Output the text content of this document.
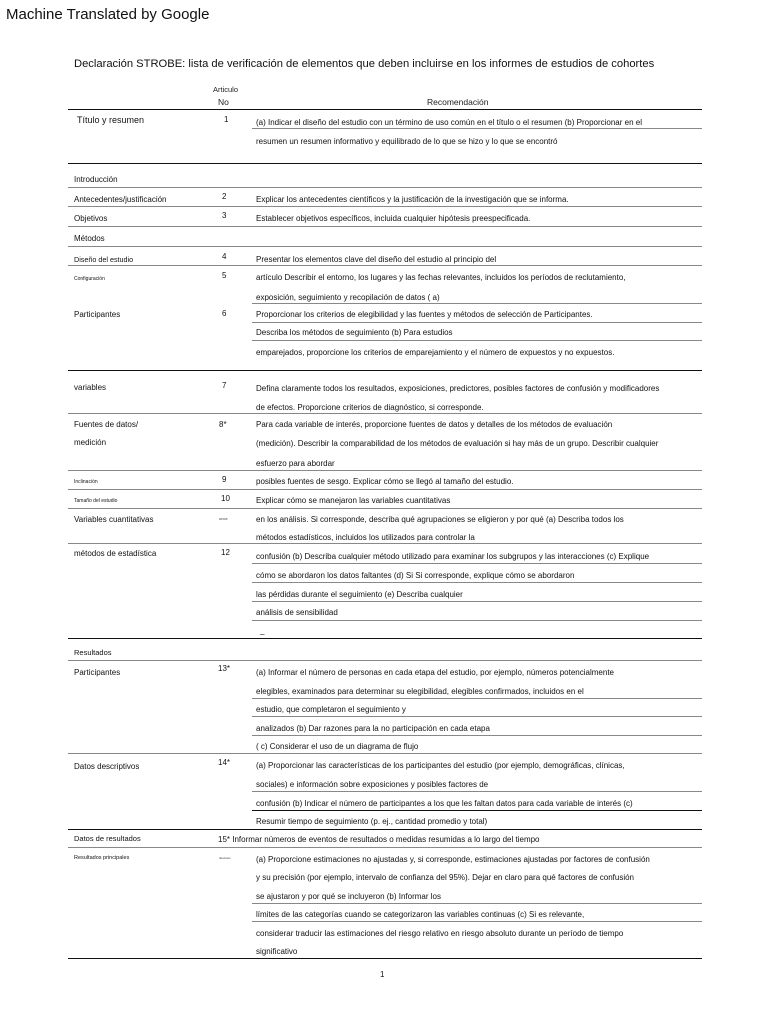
Machine Translated by Google
Declaración STROBE: lista de verificación de elementos que deben incluirse en los informes de estudios de cohortes
Articulo
No	Recomendación
Título y resumen	1	(a) Indicar el diseño del estudio con un término de uso común en el título o el resumen (b) Proporcionar en el
resumen un resumen informativo y equilibrado de lo que se hizo y lo que se encontró
Introducción
Antecedentes/justificación	2	Explicar los antecedentes científicos y la justificación de la investigación que se informa.
Objetivos	3	Establecer objetivos específicos, incluida cualquier hipótesis preespecificada.
Métodos
Diseño del estudio	4	Presentar los elementos clave del diseño del estudio al principio del
Configuración	5	artículo Describir el entorno, los lugares y las fechas relevantes, incluidos los períodos de reclutamiento,
exposición, seguimiento y recopilación de datos ( a)
Participantes	6	Proporcionar los criterios de elegibilidad y las fuentes y métodos de selección de Participantes.
Describa los métodos de seguimiento (b) Para estudios
emparejados, proporcione los criterios de emparejamiento y el número de expuestos y no expuestos.
variables	7	Defina claramente todos los resultados, exposiciones, predictores, posibles factores de confusión y modificadores
de efectos. Proporcione criterios de diagnóstico, si corresponde.
Fuentes de datos/
medición
8*	Para cada variable de interés, proporcione fuentes de datos y detalles de los métodos de evaluación
(medición). Describir la comparabilidad de los métodos de evaluación si hay más de un grupo. Describir cualquier
esfuerzo para abordar
Inclinación	9	posibles fuentes de sesgo. Explicar cómo se llegó al tamaño del estudio.
Tamaño del estudio	10	Explicar cómo se manejaron las variables cuantitativas
Variables cuantitativas	once	en los análisis. Si corresponde, describa qué agrupaciones se eligieron y por qué (a) Describa todos los
métodos estadísticos, incluidos los utilizados para controlar la
métodos de estadística	12	confusión (b) Describa cualquier método utilizado para examinar los subgrupos y las interacciones (c) Explique
cómo se abordaron los datos faltantes (d) Si Si corresponde, explique cómo se abordaron
las pérdidas durante el seguimiento (e) Describa cualquier
análisis de sensibilidad
_
Resultados
Participantes	13*	(a) Informar el número de personas en cada etapa del estudio, por ejemplo, números potencialmente
elegibles, examinados para determinar su elegibilidad, elegibles confirmados, incluidos en el
estudio, que completaron el seguimiento y
analizados (b) Dar razones para la no participación en cada etapa
( c) Considerar el uso de un diagrama de flujo
Datos descriptivos	14*	(a) Proporcionar las características de los participantes del estudio (por ejemplo, demográficas, clínicas,
sociales) e información sobre exposiciones y posibles factores de
confusión (b) Indicar el número de participantes a los que les faltan datos para cada variable de interés (c)
Resumir tiempo de seguimiento (p. ej., cantidad promedio y total)
Datos de resultados	15* Informar números de eventos de resultados o medidas resumidas a lo largo del tiempo
Resultados principales	dieciséis	(a) Proporcione estimaciones no ajustadas y, si corresponde, estimaciones ajustadas por factores de confusión
y su precisión (por ejemplo, intervalo de confianza del 95%). Dejar en claro para qué factores de confusión
se ajustaron y por qué se incluyeron (b) Informar los
límites de las categorías cuando se categorizaron las variables continuas (c) Si es relevante,
considerar traducir las estimaciones del riesgo relativo en riesgo absoluto durante un período de tiempo
significativo
1
